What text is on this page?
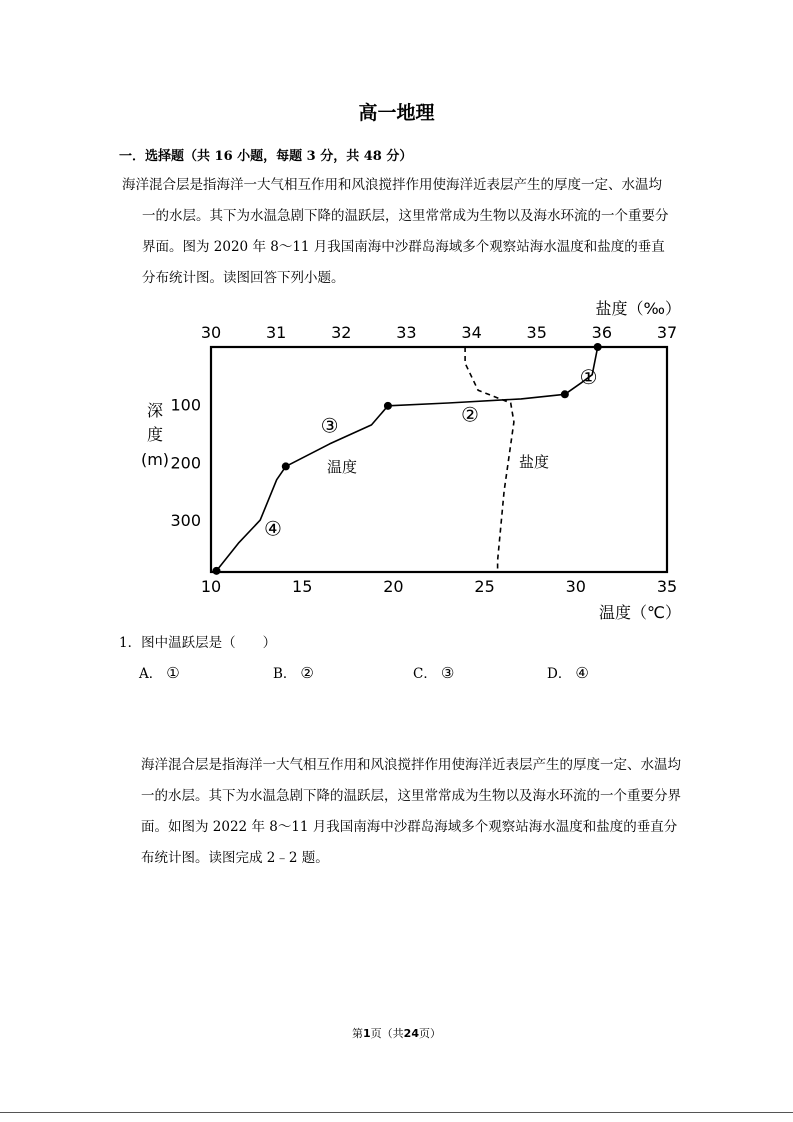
高一地理
一．选择题（共 16 小题，每题 3 分，共 48 分）
海洋混合层是指海洋一大气相互作用和风浪搅拌作用使海洋近表层产生的厚度一定、水温均
一的水层。其下为水温急剧下降的温跃层，这里常常成为生物以及海水环流的一个重要分界面。图为 2020 年 8～11 月我国南海中沙群岛海域多个观察站海水温度和盐度的垂直分布统计图。读图回答下列小题。
30	31	32	33	34	35	36	37
盐度（‰）
10	15	20	25	30	35
温度（℃）
100
200
300
深
度
(m)	温度	盐度
①
②
③
④
1．图中温跃层是（　　）
A． ①	B． ②	C． ③	D． ④
海洋混合层是指海洋一大气相互作用和风浪搅拌作用使海洋近表层产生的厚度一定、水温均一的水层。其下为水温急剧下降的温跃层，这里常常成为生物以及海水环流的一个重要分界面。如图为 2022 年 8～11 月我国南海中沙群岛海域多个观察站海水温度和盐度的垂直分布统计图。读图完成 2﹣2 题。
第1页（共24页）
